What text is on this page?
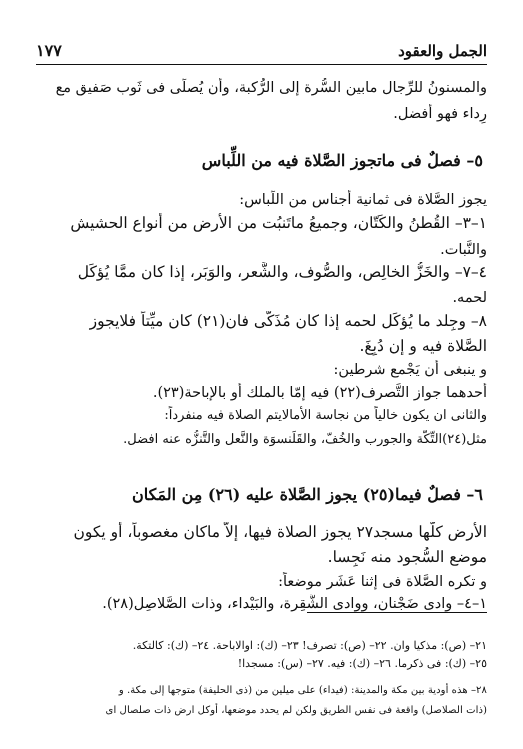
الجمل والعقود
١٧٧
والمسنونُ للرِّجال مابين السُّرة إلى الرُّكبة، وأن يُصلِّى فى ثَوب صَفيق مع
رِداء فهو أفضل.
٥– فصلٌ فى ماتجوز الصَّلاة فيه من اللِّباس
يجوز الصَّلاة فى ثمانية أجناس من اللِّباس:
١–٣– القُطنُ والكَتّان، وجميعُ ماتَنبُت من الأَرض من أنواع الحشيش
والنَّبات.
٤–٧– والخَزُّ الخالِص، والصُّوف، والشَّعر، والوَبَر، إذا كان ممَّا يُؤكَل
لحمه.
٨– وجِلد ما يُؤكَل لحمه إذا كان مُذَكّى فان(٢١) كان ميِّتاً فلايجوز
الصَّلاة فيه و إن دُبِغَ.
و ينبغى أن يَجْمع شرطين:
أحدهما جواز التَّصرف(٢٢) فيه إمّا بالملك أو بالإباحة(٢٣).
والثانى ان يكون خالياً من نجاسة الأمالايتم الصلاة فيه منفرداً:
مثل(٢٤)التِّكَّة والجورب والخُفّ، والقَلَنسوَة والنَّعل والتَّنزُّه عنه افضل.
٦– فصلٌ فيما(٢٥) يجوز الصَّلاة عليه (٢٦) مِن المَكان
الأَرض كلُّها مسجد٢٧ يجوز الصلاة فيها، إلاّ ماكان مغصوباً، أو يكون
موضع السُّجود منه نَجِسا.
و تكره الصَّلاة فى إثنا عَشَر موضعاً:
١–٤– وادى ضَجْنان، ووادى الشَّقِرة، والبَيْداء، وذات الصَّلاصِل(٢٨).
٢١– (ص): مذكيا وان. ٢٢– (ص): تصرف! ٢٣– (ك): اوالاباحة. ٢٤– (ك): كالتكة.
٢٥– (ك): فى ذكرما. ٢٦– (ك): فيه. ٢٧– (س): مسجدا!
٢٨– هذه أودية بين مكة والمدينة: (فيداء) على ميلين من (ذى الحليفة) متوجها إلى مكة. و
(ذات الصلاصل) واقعة فى نفس الطريق ولكن لم يحدد موضعها، أوكل ارض ذات صلصال اى
